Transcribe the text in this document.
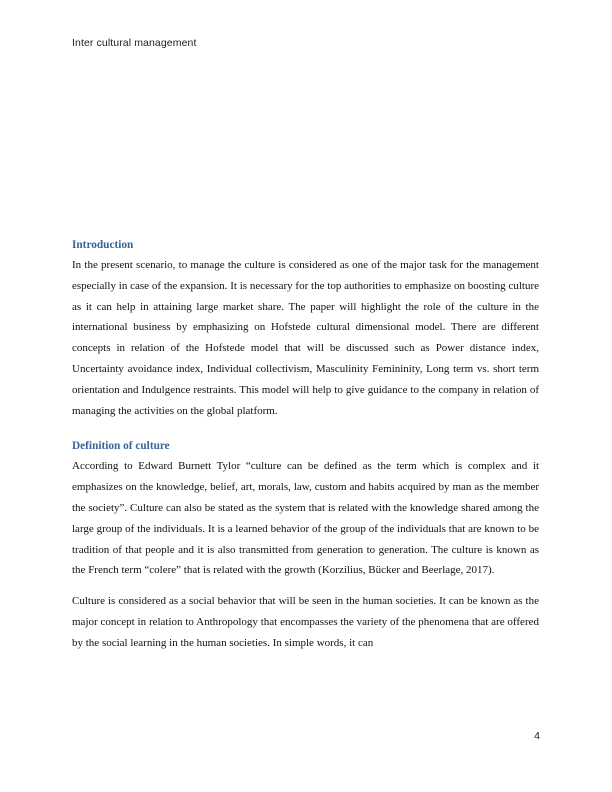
Inter cultural management
Introduction

In the present scenario, to manage the culture is considered as one of the major task for the management especially in case of the expansion. It is necessary for the top authorities to emphasize on boosting culture as it can help in attaining large market share. The paper will highlight the role of the culture in the international business by emphasizing on Hofstede cultural dimensional model. There are different concepts in relation of the Hofstede model that will be discussed such as Power distance index, Uncertainty avoidance index, Individual collectivism, Masculinity Femininity, Long term vs. short term orientation and Indulgence restraints. This model will help to give guidance to the company in relation of managing the activities on the global platform.

Definition of culture

According to Edward Burnett Tylor “culture can be defined as the term which is complex and it emphasizes on the knowledge, belief, art, morals, law, custom and habits acquired by man as the member the society”. Culture can also be stated as the system that is related with the knowledge shared among the large group of the individuals. It is a learned behavior of the group of the individuals that are known to be tradition of that people and it is also transmitted from generation to generation. The culture is known as the French term “colere” that is related with the growth (Korzilius, Bücker and Beerlage, 2017).

Culture is considered as a social behavior that will be seen in the human societies. It can be known as the major concept in relation to Anthropology that encompasses the variety of the phenomena that are offered by the social learning in the human societies. In simple words, it can

4
